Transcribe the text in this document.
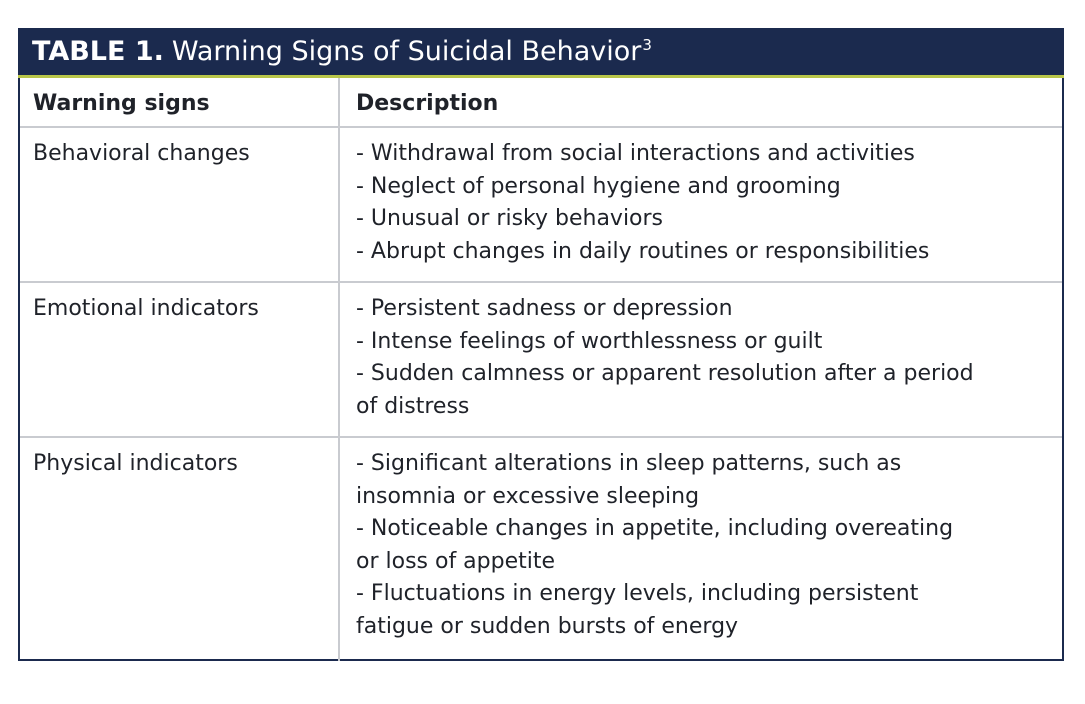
TABLE 1. Warning Signs of Suicidal Behavior$^3$
Warning signs	Description
Behavioral changes	- Withdrawal from social interactions and activities
- Neglect of personal hygiene and grooming
- Unusual or risky behaviors
- Abrupt changes in daily routines or responsibilities
Emotional indicators	- Persistent sadness or depression
- Intense feelings of worthlessness or guilt
- Sudden calmness or apparent resolution after a period
of distress
Physical indicators	- Significant alterations in sleep patterns, such as
insomnia or excessive sleeping
- Noticeable changes in appetite, including overeating
or loss of appetite
- Fluctuations in energy levels, including persistent
fatigue or sudden bursts of energy
